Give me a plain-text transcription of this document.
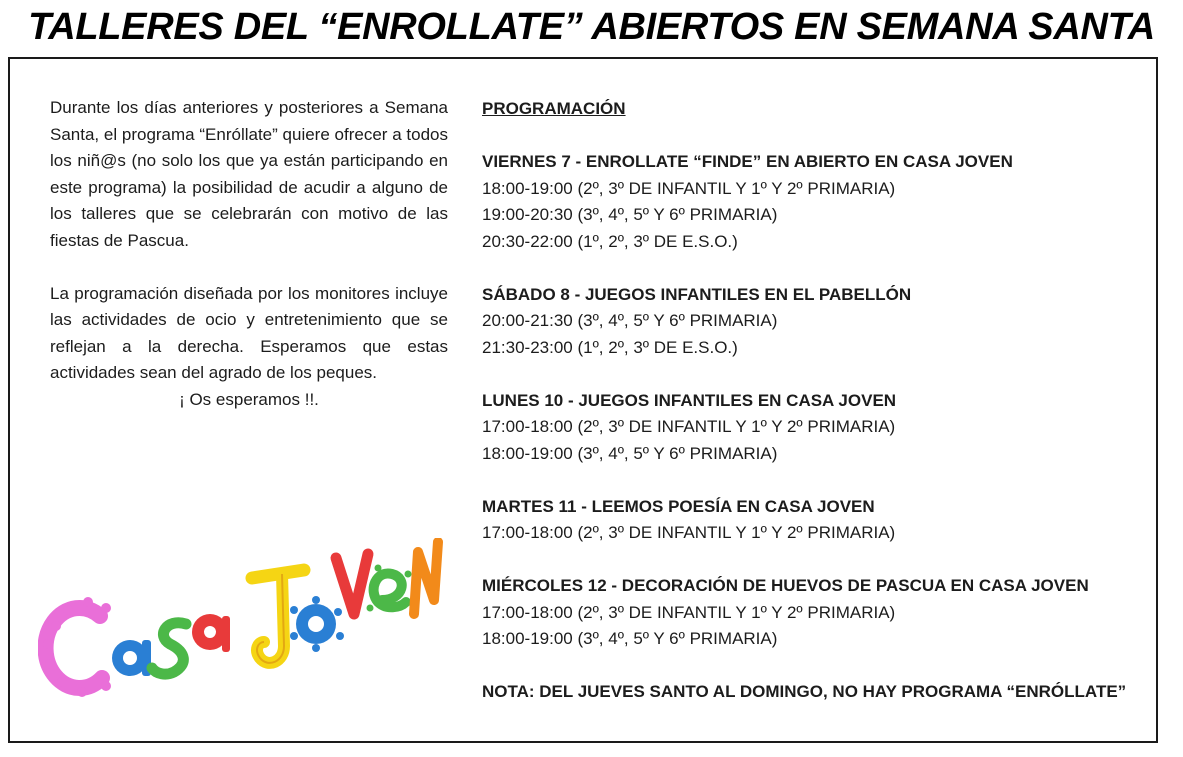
TALLERES DEL “ENROLLATE” ABIERTOS EN SEMANA SANTA

Durante los días anteriores y posteriores a Semana Santa, el programa “Enróllate” quiere ofrecer a todos los niñ@s (no solo los que ya están participando en este programa) la posibilidad de acudir a alguno de los talleres que se celebrarán con motivo de las fiestas de Pascua.

La programación diseñada por los monitores incluye las actividades de ocio y entretenimiento que se reflejan a la derecha. Esperamos que estas actividades sean del agrado de los peques.

¡ Os esperamos !!.

PROGRAMACIÓN
VIERNES 7 - ENROLLATE “FINDE” EN ABIERTO EN CASA JOVEN
18:00-19:00 (2º, 3º DE INFANTIL Y 1º Y 2º PRIMARIA)
19:00-20:30 (3º, 4º, 5º Y 6º PRIMARIA)
20:30-22:00 (1º, 2º, 3º DE E.S.O.)
SÁBADO 8 - JUEGOS INFANTILES EN EL PABELLÓN
20:00-21:30 (3º, 4º, 5º Y 6º PRIMARIA)
21:30-23:00 (1º, 2º, 3º DE E.S.O.)
LUNES 10 - JUEGOS INFANTILES EN CASA JOVEN
17:00-18:00 (2º, 3º DE INFANTIL Y 1º Y 2º PRIMARIA)
18:00-19:00 (3º, 4º, 5º Y 6º PRIMARIA)
MARTES 11 - LEEMOS POESÍA EN CASA JOVEN
17:00-18:00 (2º, 3º DE INFANTIL Y 1º Y 2º PRIMARIA)
MIÉRCOLES 12 - DECORACIÓN DE HUEVOS DE PASCUA EN CASA JOVEN
17:00-18:00 (2º, 3º DE INFANTIL Y 1º Y 2º PRIMARIA)
18:00-19:00 (3º, 4º, 5º Y 6º PRIMARIA)
NOTA: DEL JUEVES SANTO AL DOMINGO, NO HAY PROGRAMA “ENRÓLLATE”
